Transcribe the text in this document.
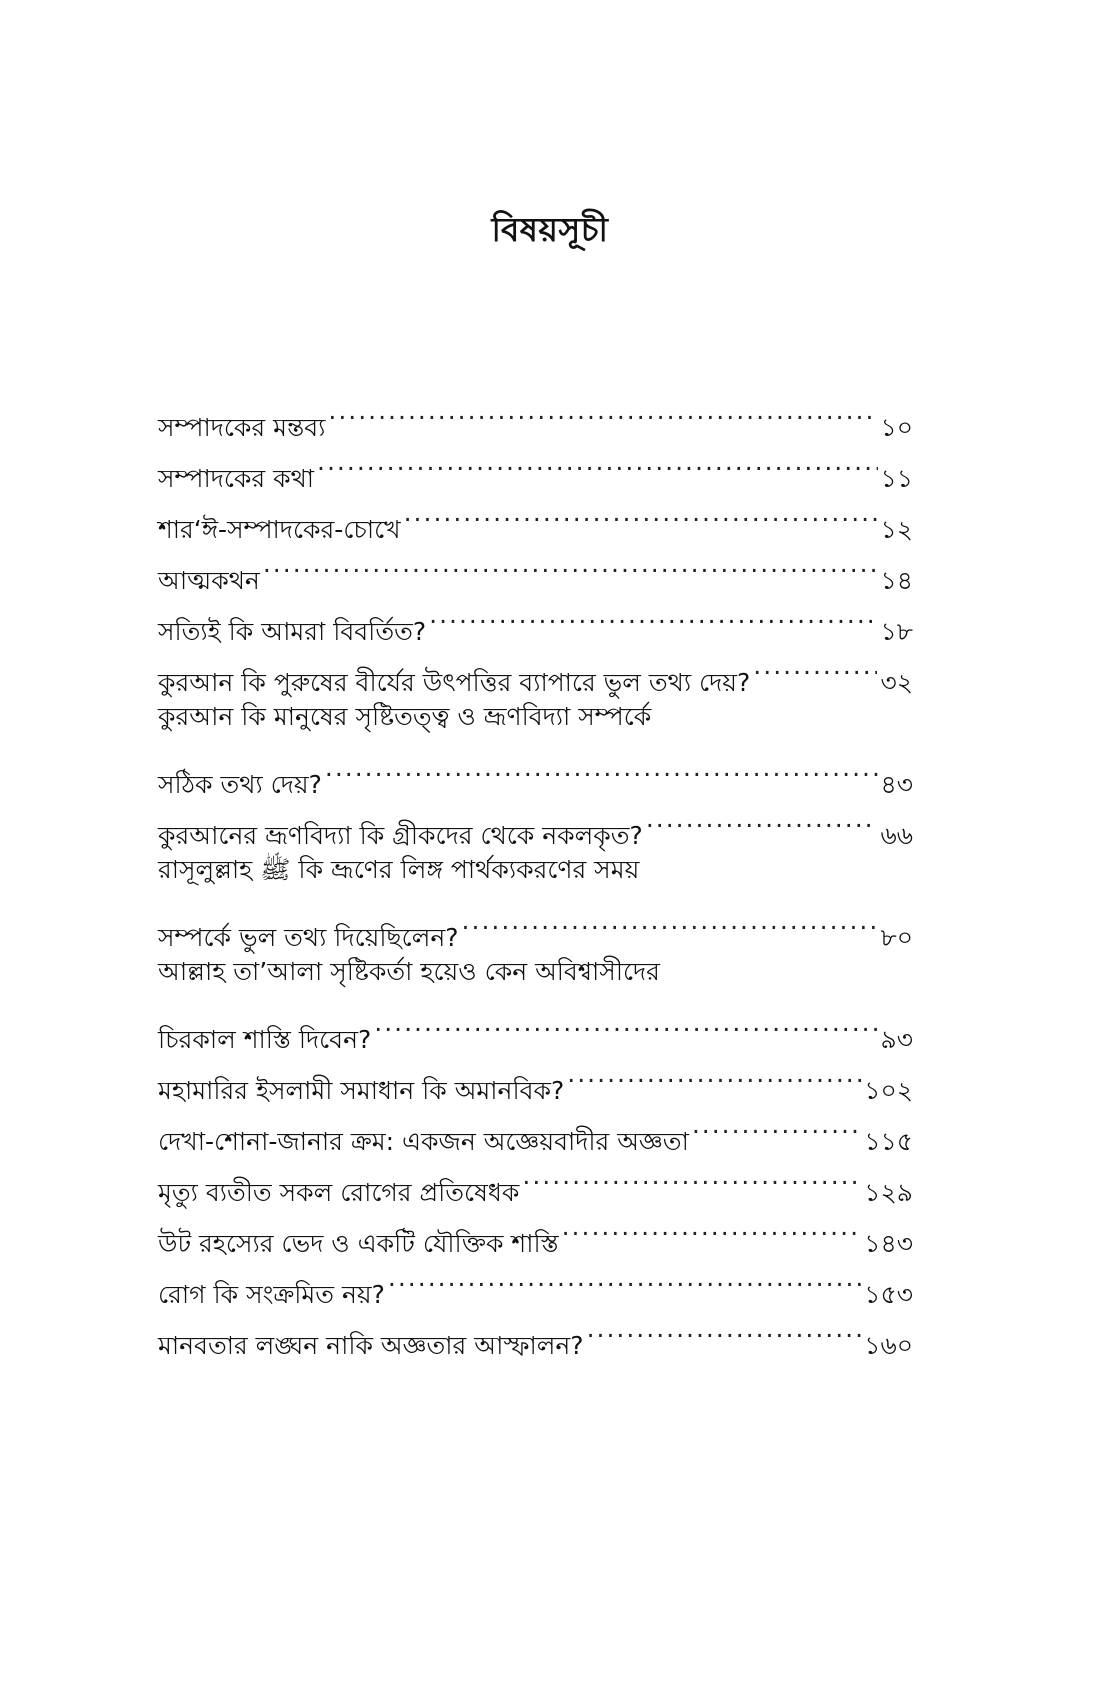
বিষয়সূচী
সম্পাদকের মন্তব্য .....	১০
সম্পাদকের কথা .....	১১
শার‘ঈ-সম্পাদকের-চোখে .....	১২
আত্মকথন .....	১৪
সত্যিই কি আমরা বিবর্তিত? .....	১৮
কুরআন কি পুরুষের বীর্যের উৎপত্তির ব্যাপারে ভুল তথ্য দেয়? .....	৩২
কুরআন কি মানুষের সৃষ্টিতত্ত্ব ও ভ্রূণবিদ্যা সম্পর্কে
সঠিক তথ্য দেয়? .....	৪৩
কুরআনের ভ্রূণবিদ্যা কি গ্রীকদের থেকে নকলকৃত? .....	৬৬
রাসূলুল্লাহ ﷺ কি ভ্রূণের লিঙ্গ পার্থক্যকরণের সময়
সম্পর্কে ভুল তথ্য দিয়েছিলেন? .....	৮০
আল্লাহ তা’আলা সৃষ্টিকর্তা হয়েও কেন অবিশ্বাসীদের
চিরকাল শাস্তি দিবেন? .....	৯৩
মহামারির ইসলামী সমাধান কি অমানবিক? .....	১০২
দেখা-শোনা-জানার ক্রম: একজন অজ্ঞেয়বাদীর অজ্ঞতা .....	১১৫
মৃত্যু ব্যতীত সকল রোগের প্রতিষেধক .....	১২৯
উট রহস্যের ভেদ ও একটি যৌক্তিক শাস্তি .....	১৪৩
রোগ কি সংক্রমিত নয়? .....	১৫৩
মানবতার লঙ্ঘন নাকি অজ্ঞতার আস্ফালন? .....	১৬০
